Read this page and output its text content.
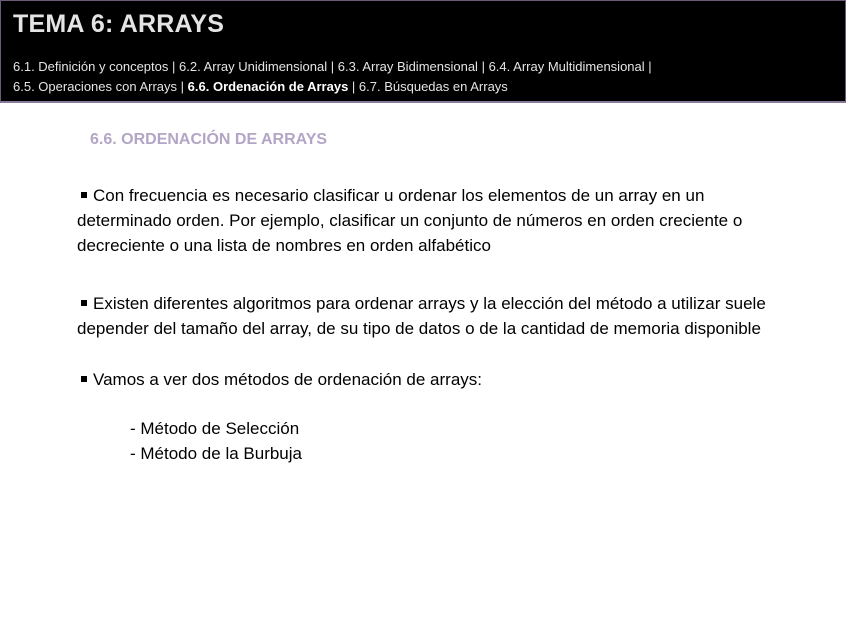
TEMA 6: ARRAYS
6.1. Definición y conceptos | 6.2. Array Unidimensional | 6.3. Array Bidimensional | 6.4. Array Multidimensional |
6.5. Operaciones con Arrays | 6.6. Ordenación de Arrays | 6.7. Búsquedas en Arrays
6.6. ORDENACIÓN DE ARRAYS

Con frecuencia es necesario clasificar u ordenar los elementos de un array en un determinado orden. Por ejemplo, clasificar un conjunto de números en orden creciente o decreciente o una lista de nombres en orden alfabético

Existen diferentes algoritmos para ordenar arrays y la elección del método a utilizar suele depender del tamaño del array, de su tipo de datos o de la cantidad de memoria disponible

Vamos a ver dos métodos de ordenación de arrays:

- Método de Selección
- Método de la Burbuja
